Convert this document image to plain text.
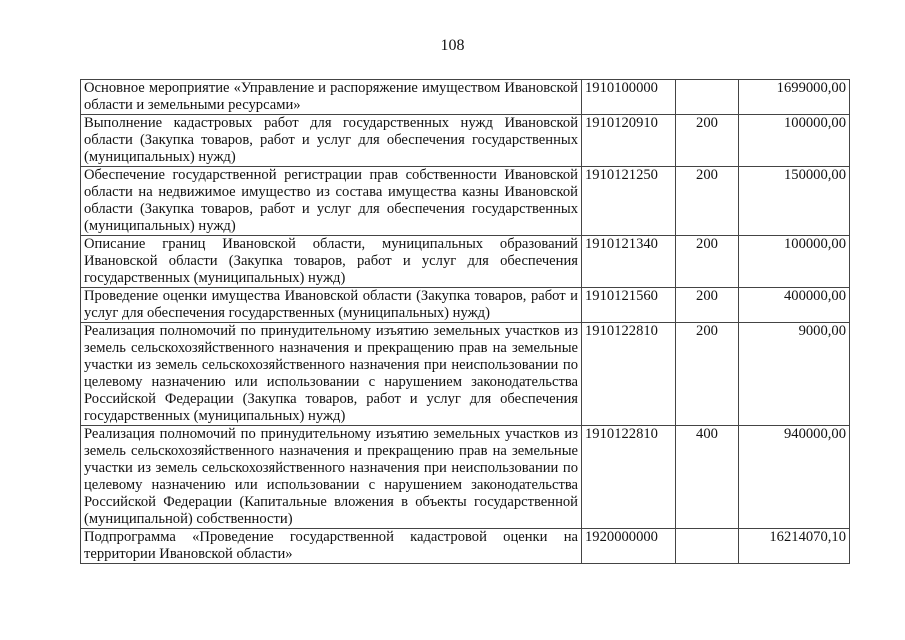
108
Основное мероприятие «Управление и распоряжение имуществом Ивановской области и земельными ресурсами»	1910100000		1699000,00
Выполнение кадастровых работ для государственных нужд Ивановской области (Закупка товаров, работ и услуг для обеспечения государственных (муниципальных) нужд)	1910120910	200	100000,00
Обеспечение государственной регистрации прав собственности Ивановской области на недвижимое имущество из состава имущества казны Ивановской области (Закупка товаров, работ и услуг для обеспечения государственных (муниципальных) нужд)	1910121250	200	150000,00
Описание границ Ивановской области, муниципальных образований Ивановской области (Закупка товаров, работ и услуг для обеспечения государственных (муниципальных) нужд)	1910121340	200	100000,00
Проведение оценки имущества Ивановской области (Закупка товаров, работ и услуг для обеспечения государственных (муниципальных) нужд)	1910121560	200	400000,00
Реализация полномочий по принудительному изъятию земельных участков из земель сельскохозяйственного назначения и прекращению прав на земельные участки из земель сельскохозяйственного назначения при неиспользовании по целевому назначению или использовании с нарушением законодательства Российской Федерации (Закупка товаров, работ и услуг для обеспечения государственных (муниципальных) нужд)	1910122810	200	9000,00
Реализация полномочий по принудительному изъятию земельных участков из земель сельскохозяйственного назначения и прекращению прав на земельные участки из земель сельскохозяйственного назначения при неиспользовании по целевому назначению или использовании с нарушением законодательства Российской Федерации (Капитальные вложения в объекты государственной (муниципальной) собственности)	1910122810	400	940000,00
Подпрограмма «Проведение государственной кадастровой оценки на территории Ивановской области»	1920000000		16214070,10
